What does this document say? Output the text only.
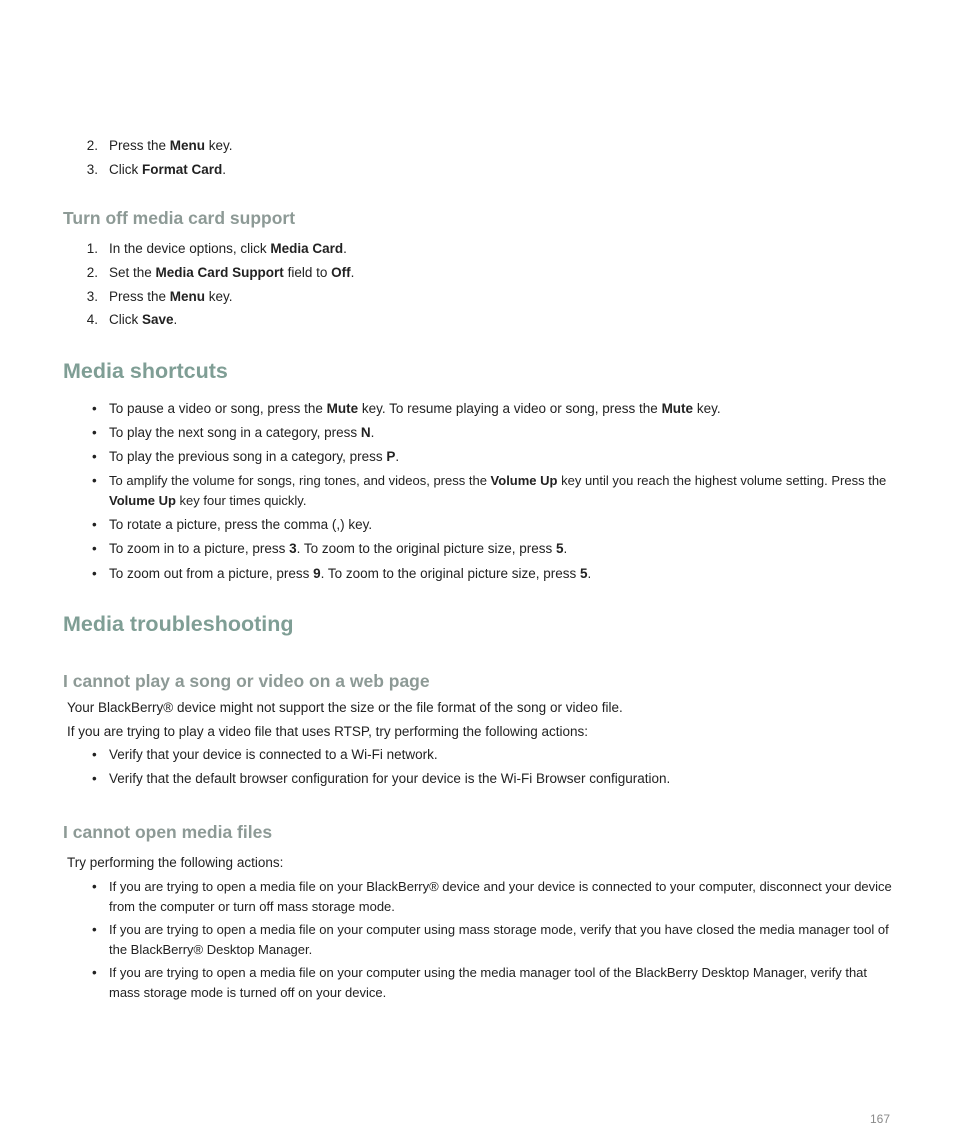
2. Press the Menu key.
3. Click Format Card.
Turn off media card support
1. In the device options, click Media Card.
2. Set the Media Card Support field to Off.
3. Press the Menu key.
4. Click Save.
Media shortcuts
• To pause a video or song, press the Mute key. To resume playing a video or song, press the Mute key.
• To play the next song in a category, press N.
• To play the previous song in a category, press P.
• To amplify the volume for songs, ring tones, and videos, press the Volume Up key until you reach the highest volume setting. Press the Volume Up key four times quickly.
• To rotate a picture, press the comma (,) key.
• To zoom in to a picture, press 3. To zoom to the original picture size, press 5.
• To zoom out from a picture, press 9. To zoom to the original picture size, press 5.
Media troubleshooting
I cannot play a song or video on a web page
Your BlackBerry® device might not support the size or the file format of the song or video file.
If you are trying to play a video file that uses RTSP, try performing the following actions:
• Verify that your device is connected to a Wi-Fi network.
• Verify that the default browser configuration for your device is the Wi-Fi Browser configuration.
I cannot open media files
Try performing the following actions:
• If you are trying to open a media file on your BlackBerry® device and your device is connected to your computer, disconnect your device from the computer or turn off mass storage mode.
• If you are trying to open a media file on your computer using mass storage mode, verify that you have closed the media manager tool of the BlackBerry® Desktop Manager.
• If you are trying to open a media file on your computer using the media manager tool of the BlackBerry Desktop Manager, verify that mass storage mode is turned off on your device.
167
